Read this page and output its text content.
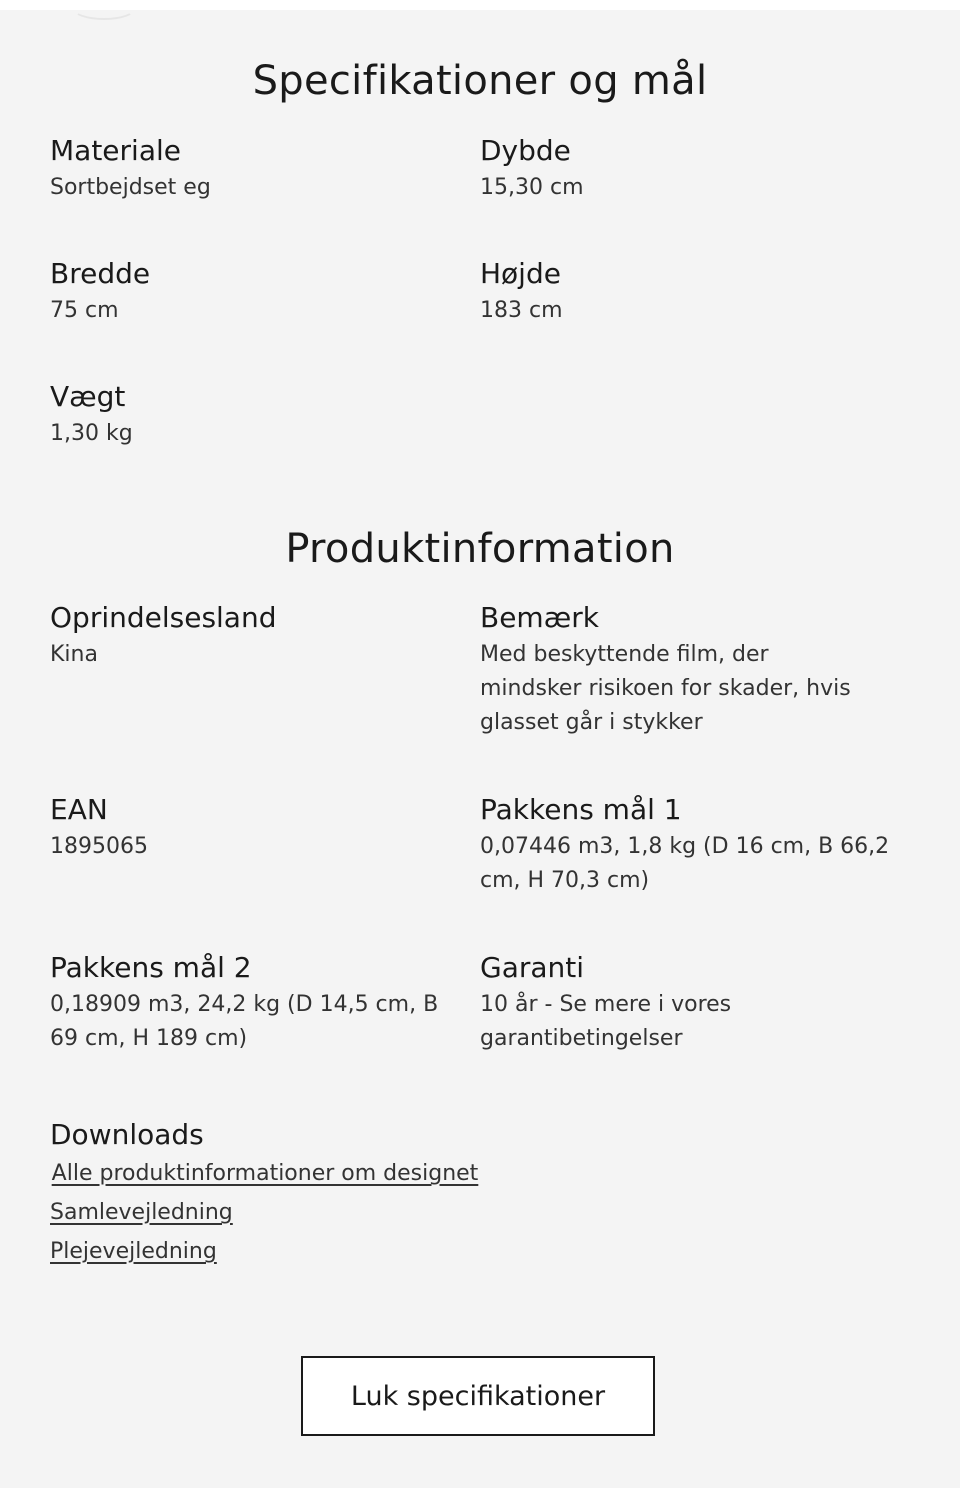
Specifikationer og mål
Materiale
Sortbejdset eg
Dybde
15,30 cm
Bredde
75 cm
Højde
183 cm
Vægt
1,30 kg
Produktinformation
Oprindelsesland
Kina
Bemærk
Med beskyttende film, der mindsker risikoen for skader, hvis glasset går i stykker
EAN
1895065
Pakkens mål 1
0,07446 m3, 1,8 kg (D 16 cm, B 66,2 cm, H 70,3 cm)
Pakkens mål 2
0,18909 m3, 24,2 kg (D 14,5 cm, B 69 cm, H 189 cm)
Garanti
10 år - Se mere i vores garantibetingelser
Downloads
Alle produktinformationer om designet
Samlevejledning
Plejevejledning
Luk specifikationer
